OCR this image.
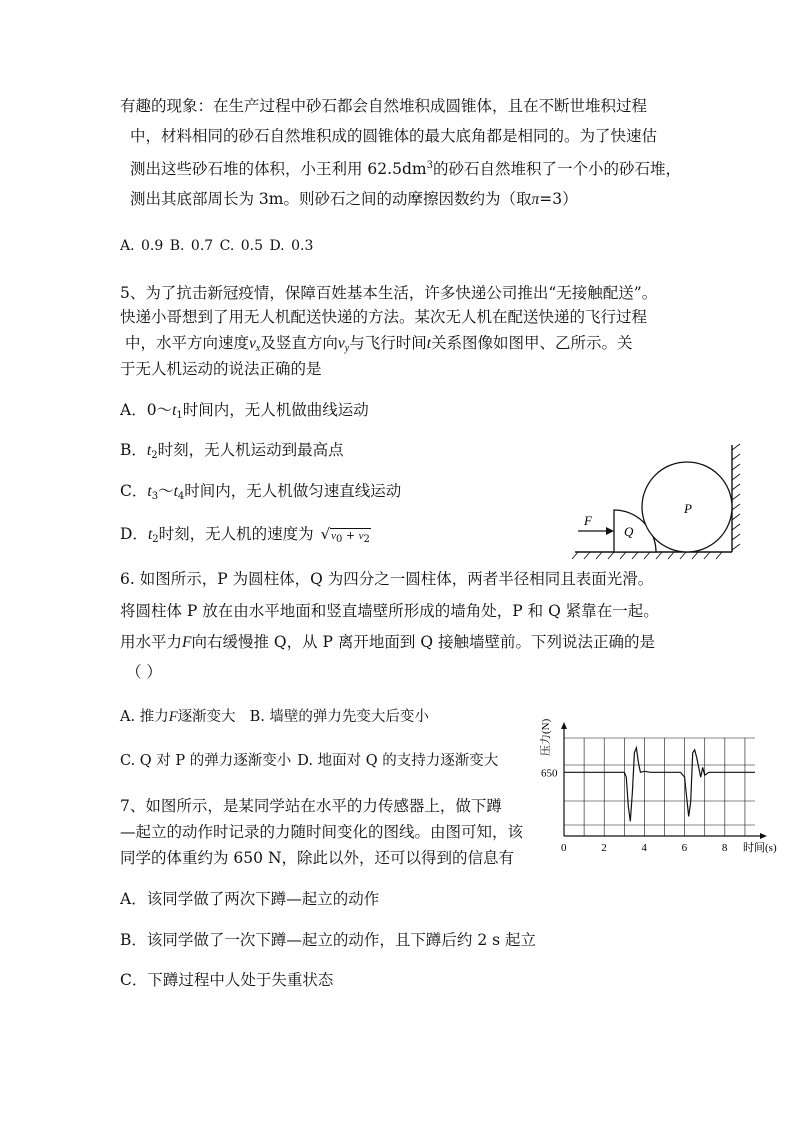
有趣的现象：在生产过程中砂石都会自然堆积成圆锥体，且在不断世堆积过程
中，材料相同的砂石自然堆积成的圆锥体的最大底角都是相同的。为了快速估
测出这些砂石堆的体积，小王利用 $62.5dm^3$的砂石自然堆积了一个小的砂石堆，
测出其底部周长为 3m。则砂石之间的动摩擦因数约为（取π=3）
A. 0.9 B. 0.7 C. 0.5 D. 0.3
5、为了抗击新冠疫情，保障百姓基本生活，许多快递公司推出“无接触配送”。
快递小哥想到了用无人机配送快递的方法。某次无人机在配送快递的飞行过程
中，水平方向速度$v_x$及竖直方向$v_y$与飞行时间t关系图像如图甲、乙所示。关
于无人机运动的说法正确的是
A．$0\sim t_1$时间内，无人机做曲线运动
B．$t_2$时刻，无人机运动到最高点
C．$t_3\sim t_4$时间内，无人机做匀速直线运动
D．$t_2$时刻，无人机的速度为 $√v_0 + v_2$
F
Q
P
6. 如图所示，P 为圆柱体，Q 为四分之一圆柱体，两者半径相同且表面光滑。
将圆柱体 P 放在由水平地面和竖直墙壁所形成的墙角处，P 和 Q 紧靠在一起。
用水平力F向右缓慢推 Q，从 P 离开地面到 Q 接触墙壁前。下列说法正确的是
（ ）
A. 推力F逐渐变大 B. 墙壁的弹力先变大后变小
C. Q 对 P 的弹力逐渐变小 D. 地面对 Q 的支持力逐渐变大
0	2	4	6	8
650
压力(N)
时间(s)
7、如图所示，是某同学站在水平的力传感器上，做下蹲
—起立的动作时记录的力随时间变化的图线。由图可知，该
同学的体重约为 650 N，除此以外，还可以得到的信息有
A．该同学做了两次下蹲—起立的动作
B．该同学做了一次下蹲—起立的动作，且下蹲后约 2 s 起立
C．下蹲过程中人处于失重状态
